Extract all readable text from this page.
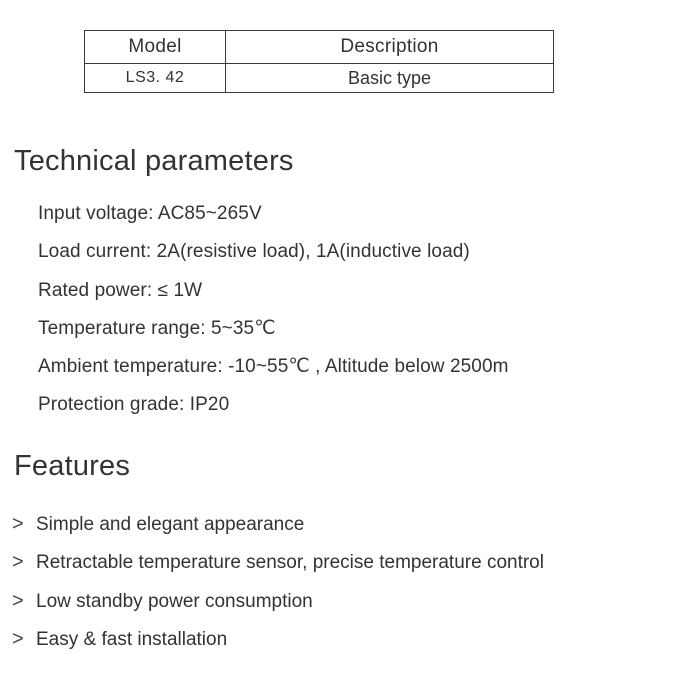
Model	Description
LS3. 42	Basic type
Technical parameters
Input voltage: AC85~265V
Load current: 2A(resistive load), 1A(inductive load)
Rated power: ≤ 1W
Temperature range: 5~35℃
Ambient temperature: -10~55℃ , Altitude below 2500m
Protection grade: IP20
Features
> Simple and elegant appearance
> Retractable temperature sensor, precise temperature control
> Low standby power consumption
> Easy & fast installation
